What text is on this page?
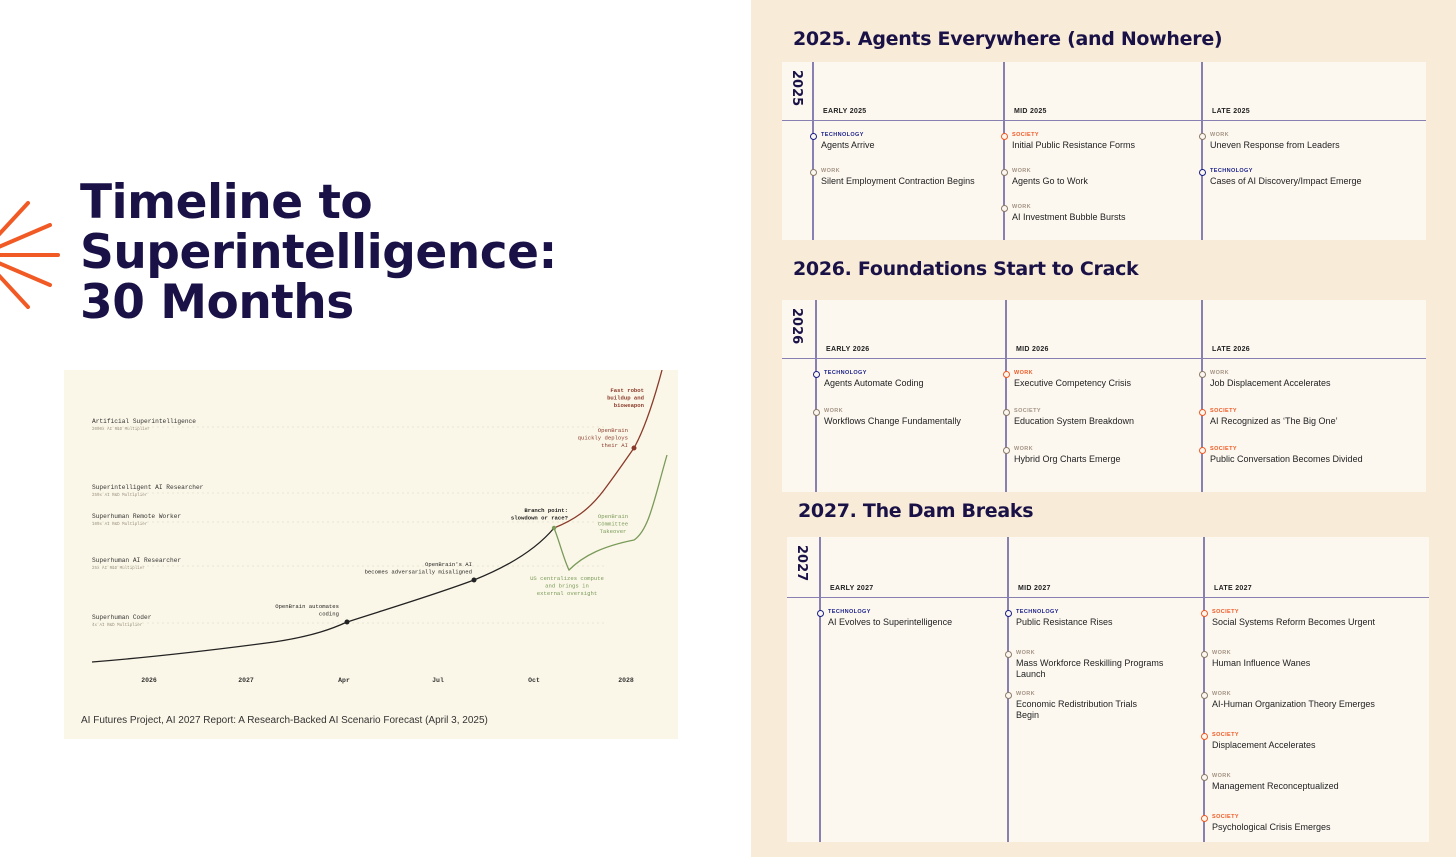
Timeline to
Superintelligence:
30 Months
Artificial Superintelligence
2000x AI R&D Multiplier
Superintelligent AI Researcher
250x AI R&D Multiplier
Superhuman Remote Worker
100x AI R&D Multiplier
Superhuman AI Researcher
25x AI R&D Multiplier
Superhuman Coder
4x AI R&D Multiplier
2026	2027	Apr	Jul	Oct	2028
OpenBrain automates
coding
OpenBrain's AI
becomes adversarially misaligned
Branch point:
slowdown or race?
OpenBrain
quickly deploys
their AI
Fast robot
buildup and
bioweapon
OpenBrain
Committee
Takeover
US centralizes compute
and brings in
external oversight
AI Futures Project, AI 2027 Report: A Research-Backed AI Scenario Forecast (April 3, 2025)
2025. Agents Everywhere (and Nowhere)
2025
EARLY 2025
TECHNOLOGY
Agents Arrive
WORK
Silent Employment Contraction Begins
MID 2025
SOCIETY
Initial Public Resistance Forms
WORK
Agents Go to Work
WORK
AI Investment Bubble Bursts
LATE 2025
WORK
Uneven Response from Leaders
TECHNOLOGY
Cases of AI Discovery/Impact Emerge
2026. Foundations Start to Crack
2026
EARLY 2026
TECHNOLOGY
Agents Automate Coding
WORK
Workflows Change Fundamentally
MID 2026
WORK
Executive Competency Crisis
SOCIETY
Education System Breakdown
WORK
Hybrid Org Charts Emerge
LATE 2026
WORK
Job Displacement Accelerates
SOCIETY
AI Recognized as ‘The Big One’
SOCIETY
Public Conversation Becomes Divided
2027. The Dam Breaks
2027
EARLY 2027
TECHNOLOGY
AI Evolves to Superintelligence
MID 2027
TECHNOLOGY
Public Resistance Rises
WORK
Mass Workforce Reskilling Programs
Launch
WORK
Economic Redistribution Trials
Begin
LATE 2027
SOCIETY
Social Systems Reform Becomes Urgent
WORK
Human Influence Wanes
WORK
AI-Human Organization Theory Emerges
SOCIETY
Displacement Accelerates
WORK
Management Reconceptualized
SOCIETY
Psychological Crisis Emerges
